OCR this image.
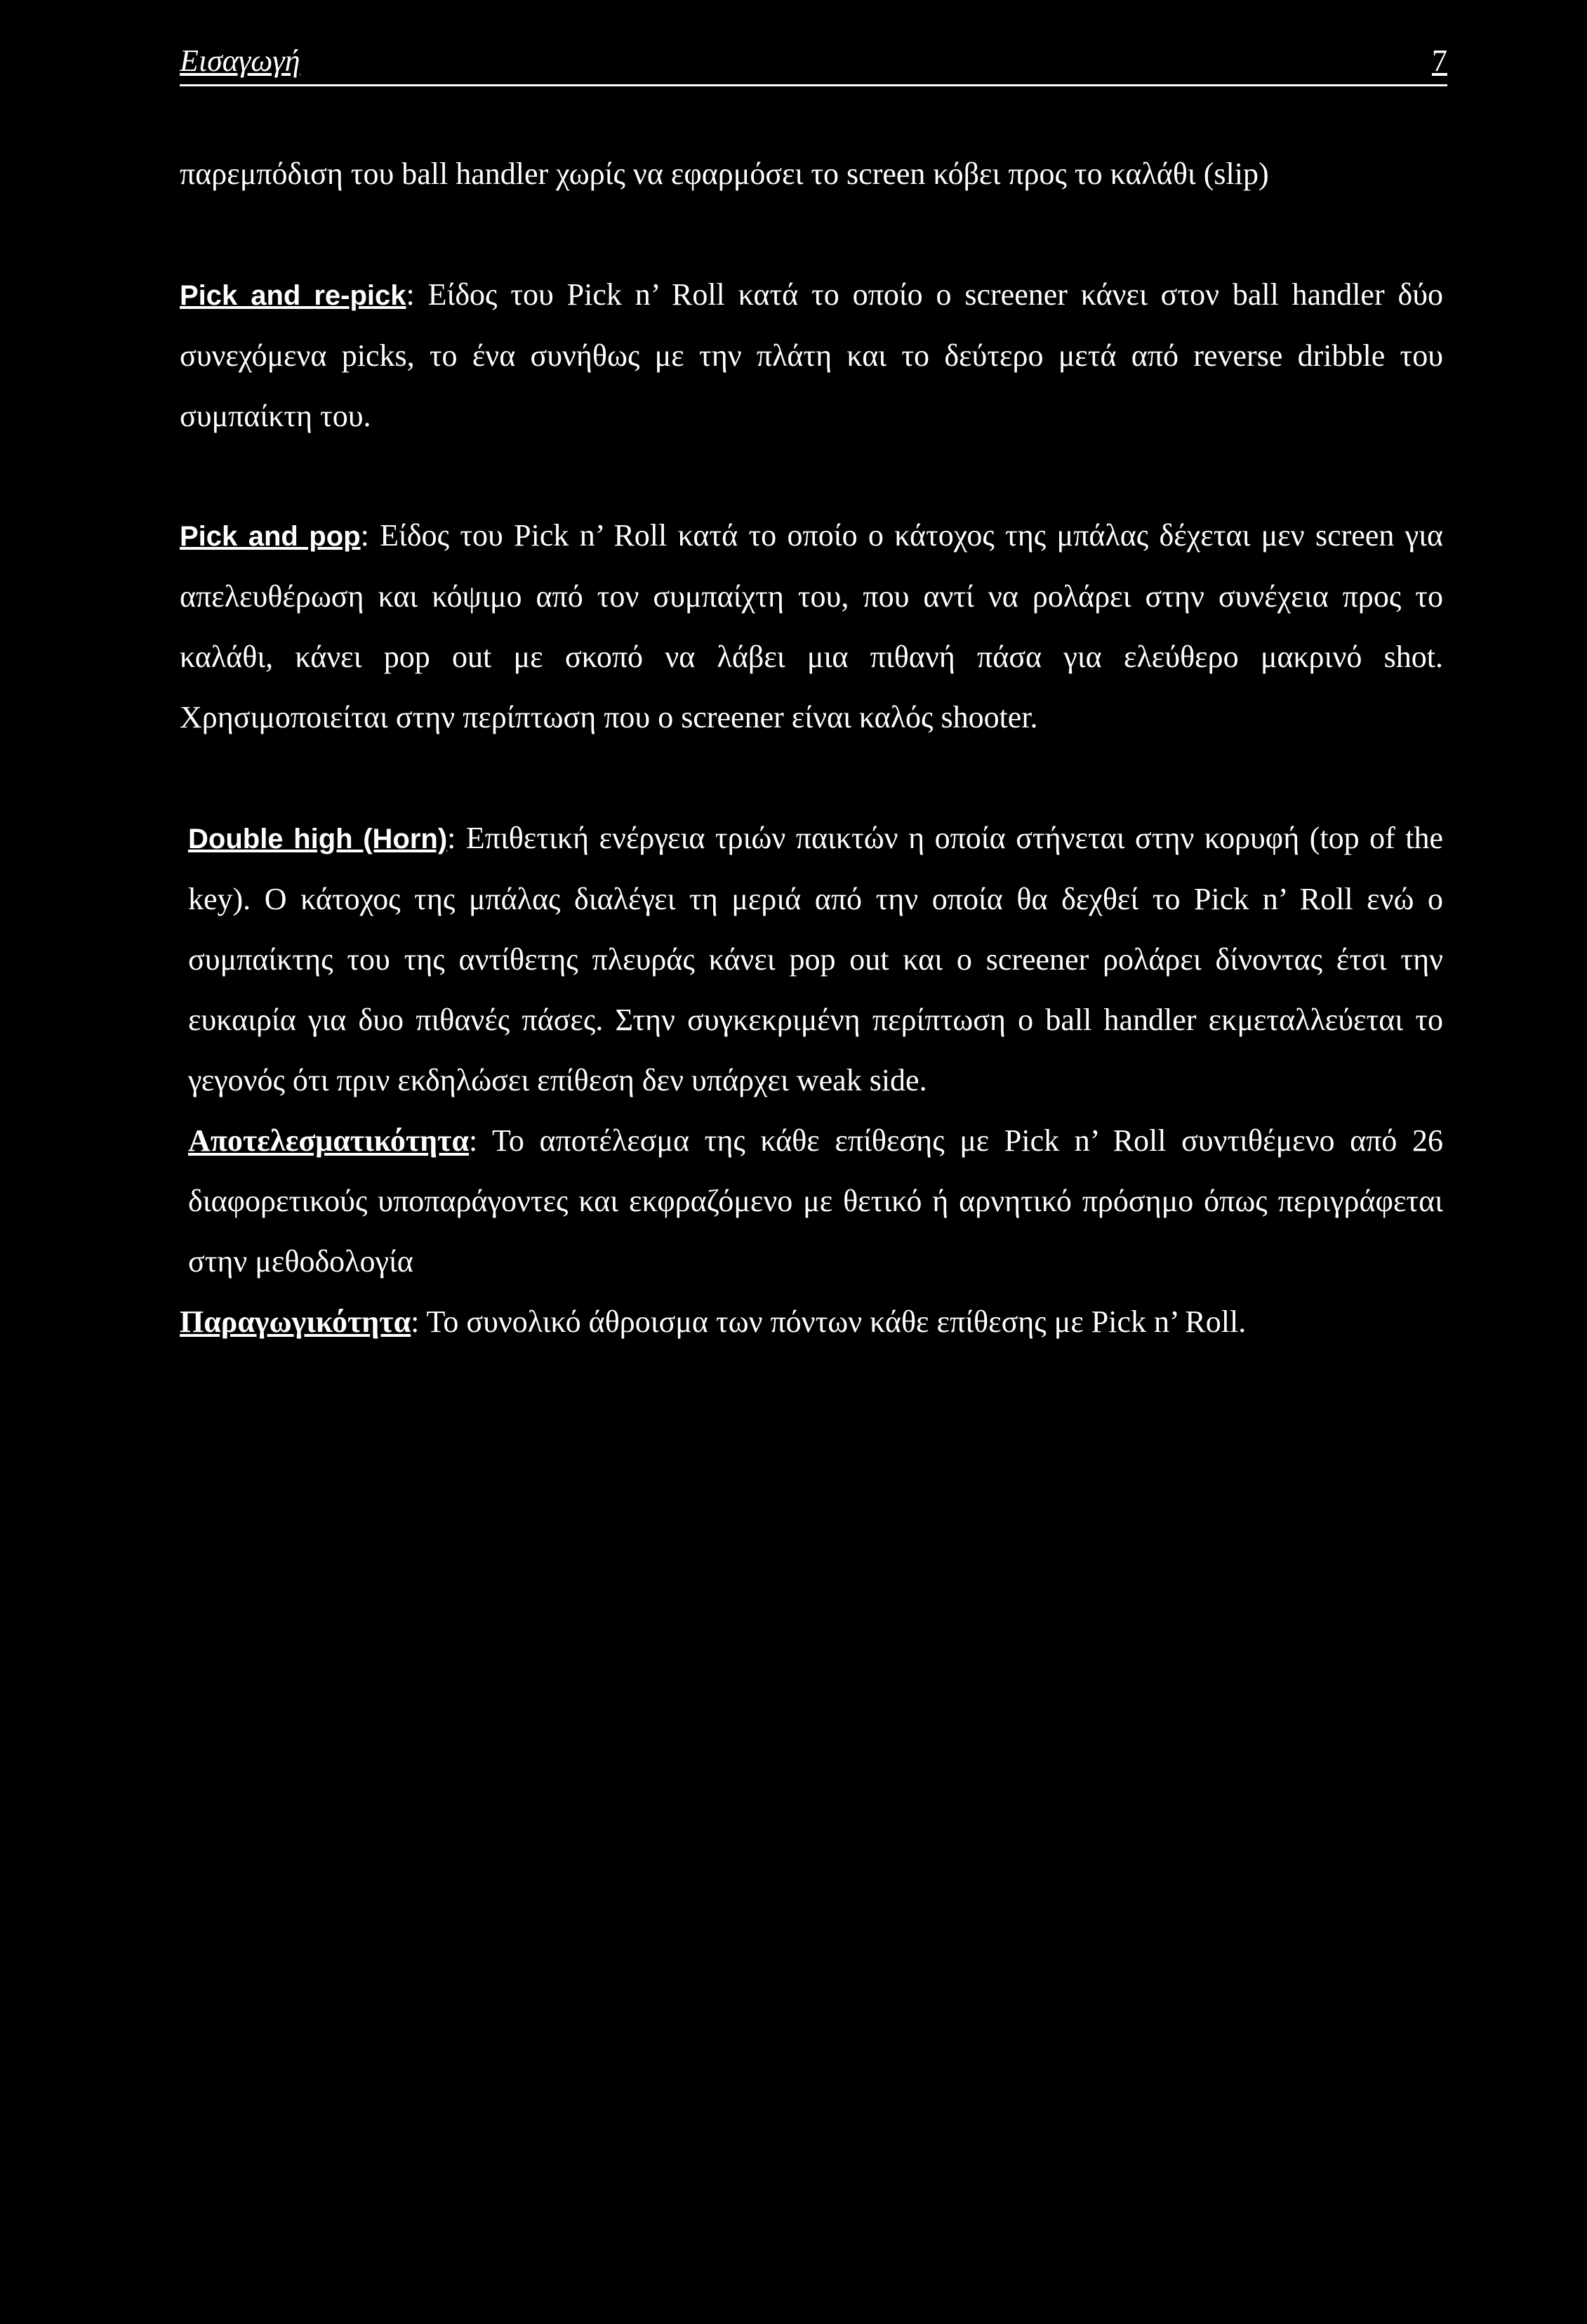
Εισαγωγή	7

παρεμπόδιση του ball handler χωρίς να εφαρμόσει το screen κόβει προς το καλάθι (slip)

Pick and re-pick: Είδος του Pick n’ Roll κατά το οποίο ο screener κάνει στον ball handler δύο συνεχόμενα picks, το ένα συνήθως με την πλάτη και το δεύτερο μετά από reverse dribble του συμπαίκτη του.

Pick and pop: Είδος του Pick n’ Roll κατά το οποίο ο κάτοχος της μπάλας δέχεται μεν screen για απελευθέρωση και κόψιμο από τον συμπαίχτη του, που αντί να ρολάρει στην συνέχεια προς το καλάθι, κάνει pop out με σκοπό να λάβει μια πιθανή πάσα για ελεύθερο μακρινό shot. Χρησιμοποιείται στην περίπτωση που ο screener είναι καλός shooter.

Double high (Horn): Επιθετική ενέργεια τριών παικτών η οποία στήνεται στην κορυφή (top of the key). Ο κάτοχος της μπάλας διαλέγει τη μεριά από την οποία θα δεχθεί το Pick n’ Roll ενώ ο συμπαίκτης του της αντίθετης πλευράς κάνει pop out και ο screener ρολάρει δίνοντας έτσι την ευκαιρία για δυο πιθανές πάσες. Στην συγκεκριμένη περίπτωση ο ball handler εκμεταλλεύεται το γεγονός ότι πριν εκδηλώσει επίθεση δεν υπάρχει weak side.

Αποτελεσματικότητα: Το αποτέλεσμα της κάθε επίθεσης με Pick n’ Roll συντιθέμενο από 26 διαφορετικούς υποπαράγοντες και εκφραζόμενο με θετικό ή αρνητικό πρόσημο όπως περιγράφεται στην μεθοδολογία

Παραγωγικότητα: Το συνολικό άθροισμα των πόντων κάθε επίθεσης με Pick n’ Roll.
